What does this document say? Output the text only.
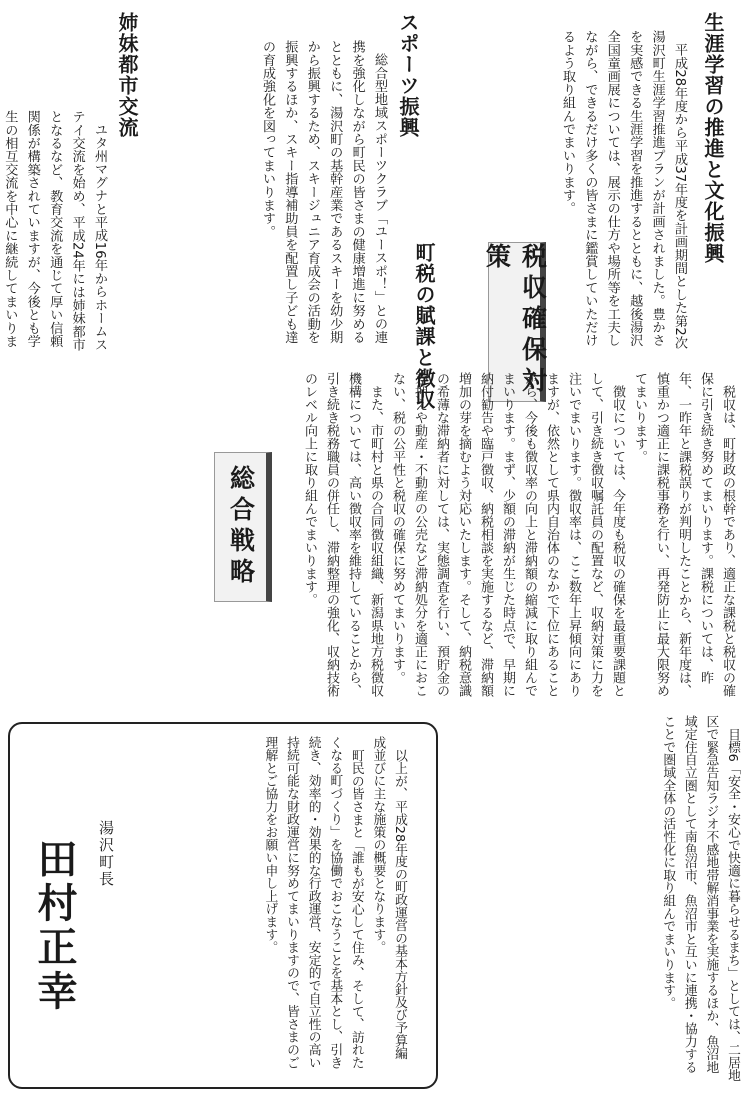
生涯学習の推進と文化振興

平成28年度から平成37年度を計画期間とした第2次湯沢町生涯学習推進プランが計画されました。豊かさを実感できる生涯学習を推進するとともに、越後湯沢全国童画展については、展示の仕方や場所等を工夫しながら、できるだけ多くの皆さまに鑑賞していただけるよう取り組んでまいります。

スポーツ振興

総合型地域スポーツクラブ「ユースポ！」との連携を強化しながら町民の皆さまの健康増進に努めるとともに、湯沢町の基幹産業であるスキーを幼少期から振興するため、スキージュニア育成会の活動を振興するほか、スキー指導補助員を配置し子ども達の育成強化を図ってまいります。

姉妹都市交流

ユタ州マグナと平成16年からホームステイ交流を始め、平成24年には姉妹都市となるなど、教育交流を通じて厚い信頼関係が構築されていますが、今後とも学生の相互交流を中心に継続してまいりま	税収確保対策
町税の賦課と徴収

税収は、町財政の根幹であり、適正な課税と税収の確保に引き続き努めてまいります。課税については、昨年、一昨年と課税誤りが判明したことから、新年度は、慎重かつ適正に課税事務を行い、再発防止に最大限努めてまいります。

徴収については、今年度も税収の確保を最重要課題として、引き続き徴収嘱託員の配置など、収納対策に力を注いでまいります。徴収率は、ここ数年上昇傾向にありますが、依然として県内自治体のなかで下位にあることから、今後も徴収率の向上と滞納額の縮減に取り組んでまいります。まず、少額の滞納が生じた時点で、早期に納付勧告や臨戸徴収、納税相談を実施するなど、滞納額増加の芽を摘むよう対応いたします。そして、納税意識の希薄な滞納者に対しては、実態調査を行い、預貯金の差押えや動産・不動産の公売など滞納処分を適正におこない、税の公平性と税収の確保に努めてまいります。

また、市町村と県の合同徴収組織、新潟県地方税徴収機構については、高い徴収率を維持していることから、引き続き税務職員の併任し、滞納整理の強化、収納技術のレベル向上に取り組んでまいります。

総合戦略

目標6「安全・安心で快適に暮らせるまち」としては、二居地区で緊急告知ラジオ不感地帯解消事業を実施するほか、魚沼地域定住自立圏として南魚沼市、魚沼市と互いに連携・協力することで圏域全体の活性化に取り組んでまいります。

以上が、平成28年度の町政運営の基本方針及び予算編成並びに主な施策の概要となります。

町民の皆さまと「誰もが安心して住み、そして、訪れたくなる町づくり」を協働でおこなうことを基本とし、引き続き、効率的・効果的な行政運営、安定的で自立性の高い持続可能な財政運営に努めてまいりますので、皆さまのご理解とご協力をお願い申し上げます。

湯沢町長
田村正幸
